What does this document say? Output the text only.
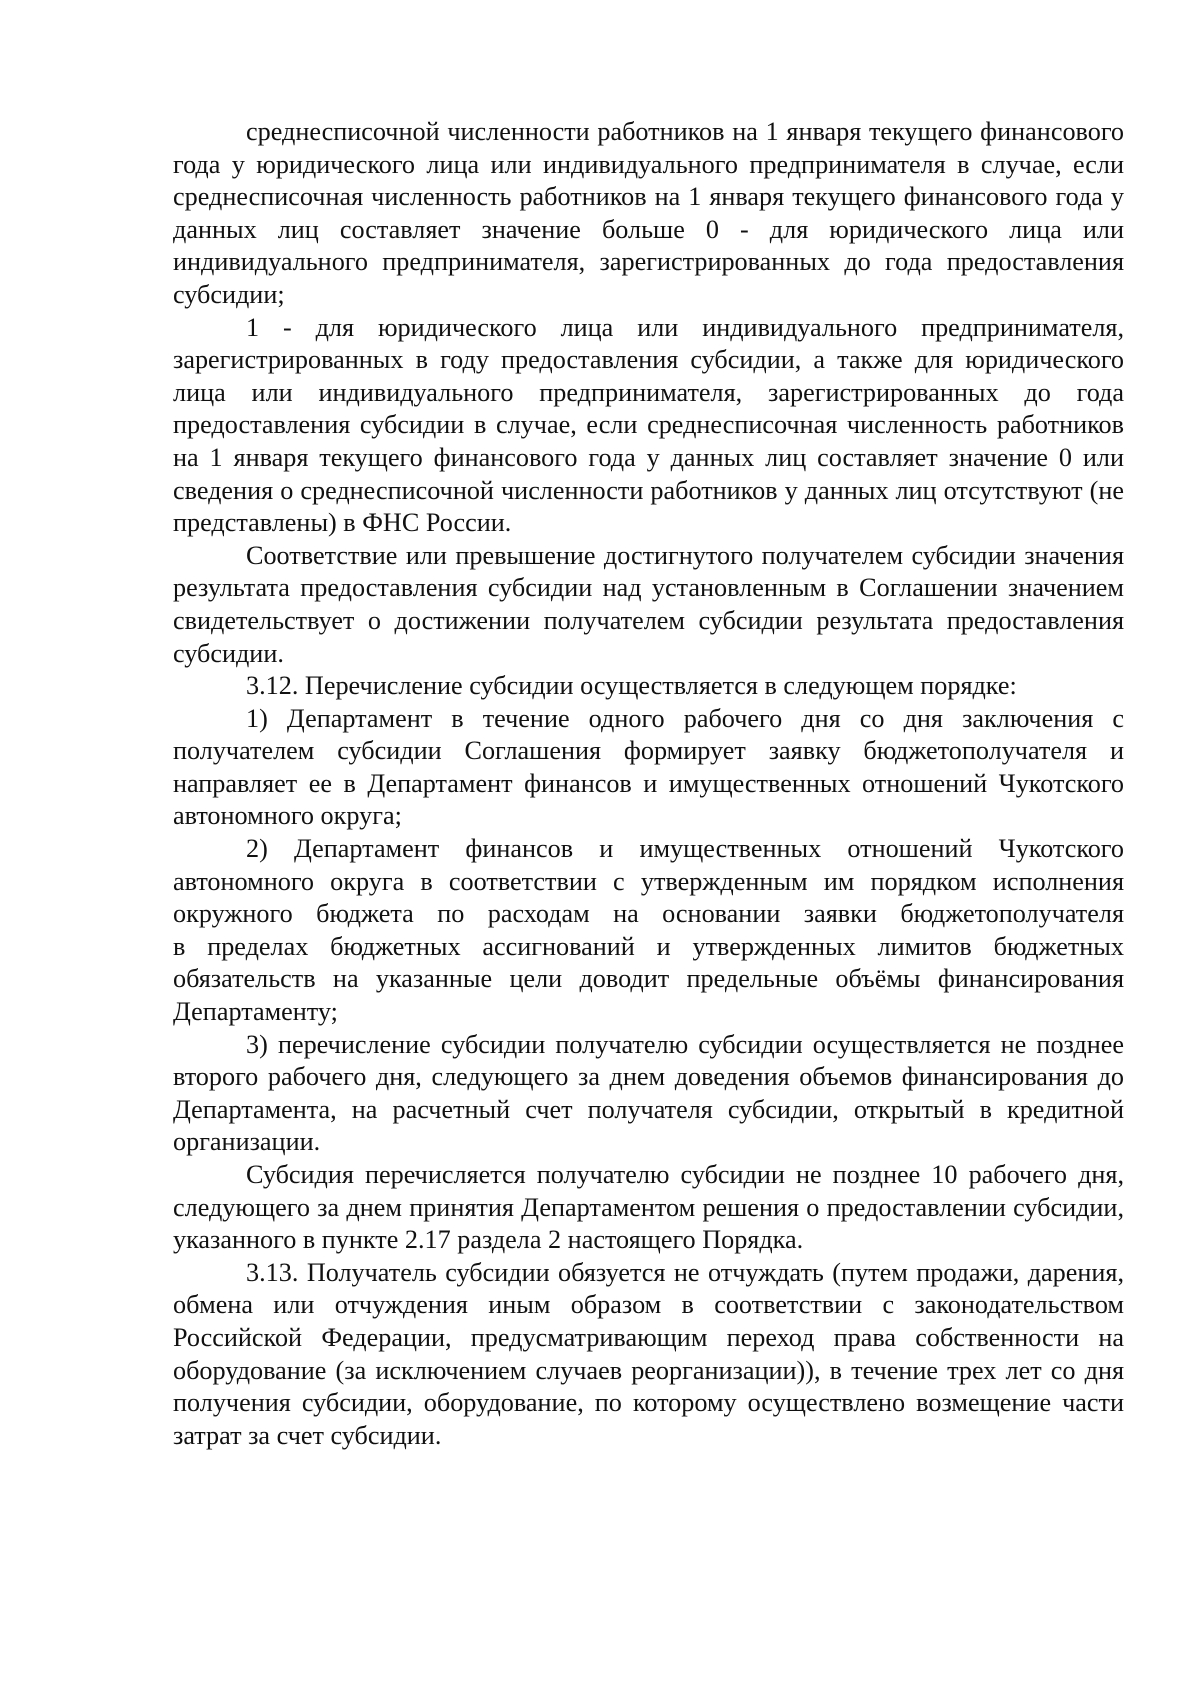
среднесписочной численности работников на 1 января текущего финансового года у юридического лица или индивидуального предпринимателя в случае, если среднесписочная численность работников на 1 января текущего финансового года у данных лиц составляет значение больше 0 - для юридического лица или индивидуального предпринимателя, зарегистрированных до года предоставления субсидии;

1 - для юридического лица или индивидуального предпринимателя, зарегистрированных в году предоставления субсидии, а также для юридического лица или индивидуального предпринимателя, зарегистрированных до года предоставления субсидии в случае, если среднесписочная численность работников на 1 января текущего финансового года у данных лиц составляет значение 0 или сведения о среднесписочной численности работников у данных лиц отсутствуют (не представлены) в ФНС России.

Соответствие или превышение достигнутого получателем субсидии значения результата предоставления субсидии над установленным в Соглашении значением свидетельствует о достижении получателем субсидии результата предоставления субсидии.

3.12. Перечисление субсидии осуществляется в следующем порядке:

1) Департамент в течение одного рабочего дня со дня заключения с получателем субсидии Соглашения формирует заявку бюджетополучателя и направляет ее в Департамент финансов и имущественных отношений Чукотского автономного округа;

2) Департамент финансов и имущественных отношений Чукотского автономного округа в соответствии с утвержденным им порядком исполнения окружного бюджета по расходам на основании заявки бюджетополучателя

в пределах бюджетных ассигнований и утвержденных лимитов бюджетных обязательств на указанные цели доводит предельные объёмы финансирования Департаменту;

3) перечисление субсидии получателю субсидии осуществляется не позднее второго рабочего дня, следующего за днем доведения объемов финансирования до Департамента, на расчетный счет получателя субсидии, открытый в кредитной организации.

Субсидия перечисляется получателю субсидии не позднее 10 рабочего дня, следующего за днем принятия Департаментом решения о предоставлении субсидии, указанного в пункте 2.17 раздела 2 настоящего Порядка.

3.13. Получатель субсидии обязуется не отчуждать (путем продажи, дарения, обмена или отчуждения иным образом в соответствии с законодательством Российской Федерации, предусматривающим переход права собственности на оборудование (за исключением случаев реорганизации)), в течение трех лет со дня получения субсидии, оборудование, по которому осуществлено возмещение части затрат за счет субсидии.
